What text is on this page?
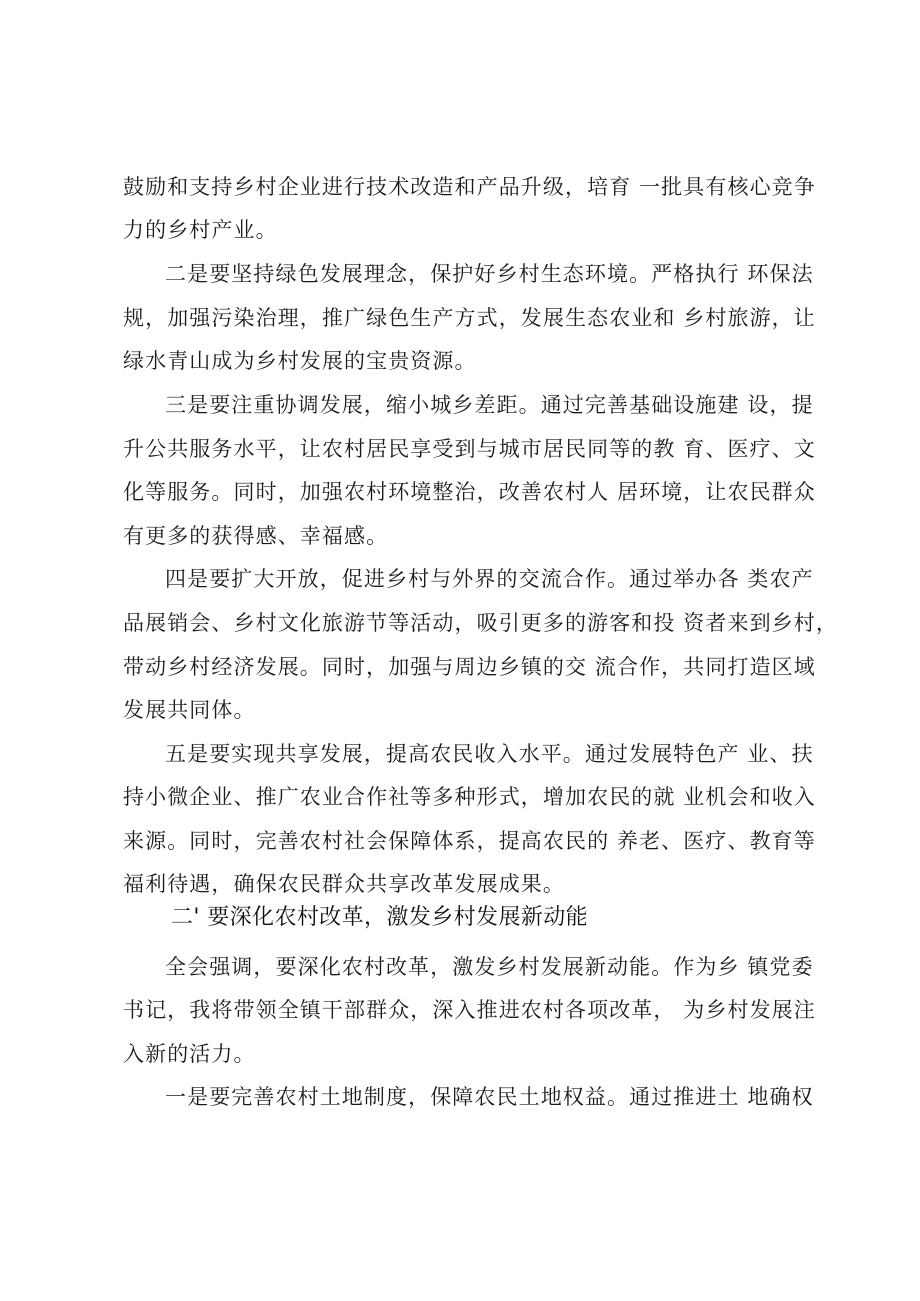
鼓励和支持乡村企业进行技术改造和产品升级，培育 一批具有核心竞争
力的乡村产业。
二是要坚持绿色发展理念，保护好乡村生态环境。严格执行 环保法
规，加强污染治理，推广绿色生产方式，发展生态农业和 乡村旅游，让
绿水青山成为乡村发展的宝贵资源。
三是要注重协调发展，缩小城乡差距。通过完善基础设施建 设，提
升公共服务水平，让农村居民享受到与城市居民同等的教 育、医疗、文
化等服务。同时，加强农村环境整治，改善农村人 居环境，让农民群众
有更多的获得感、幸福感。
四是要扩大开放，促进乡村与外界的交流合作。通过举办各 类农产
品展销会、乡村文化旅游节等活动，吸引更多的游客和投 资者来到乡村，
带动乡村经济发展。同时，加强与周边乡镇的交 流合作，共同打造区域
发展共同体。
五是要实现共享发展，提高农民收入水平。通过发展特色产 业、扶
持小微企业、推广农业合作社等多种形式，增加农民的就 业机会和收入
来源。同时，完善农村社会保障体系，提高农民的 养老、医疗、教育等
福利待遇，确保农民群众共享改革发展成果。
二' 要深化农村改革，激发乡村发展新动能
全会强调，要深化农村改革，激发乡村发展新动能。作为乡 镇党委
书记，我将带领全镇干部群众，深入推进农村各项改革， 为乡村发展注
入新的活力。
一是要完善农村土地制度，保障农民土地权益。通过推进土 地确权
